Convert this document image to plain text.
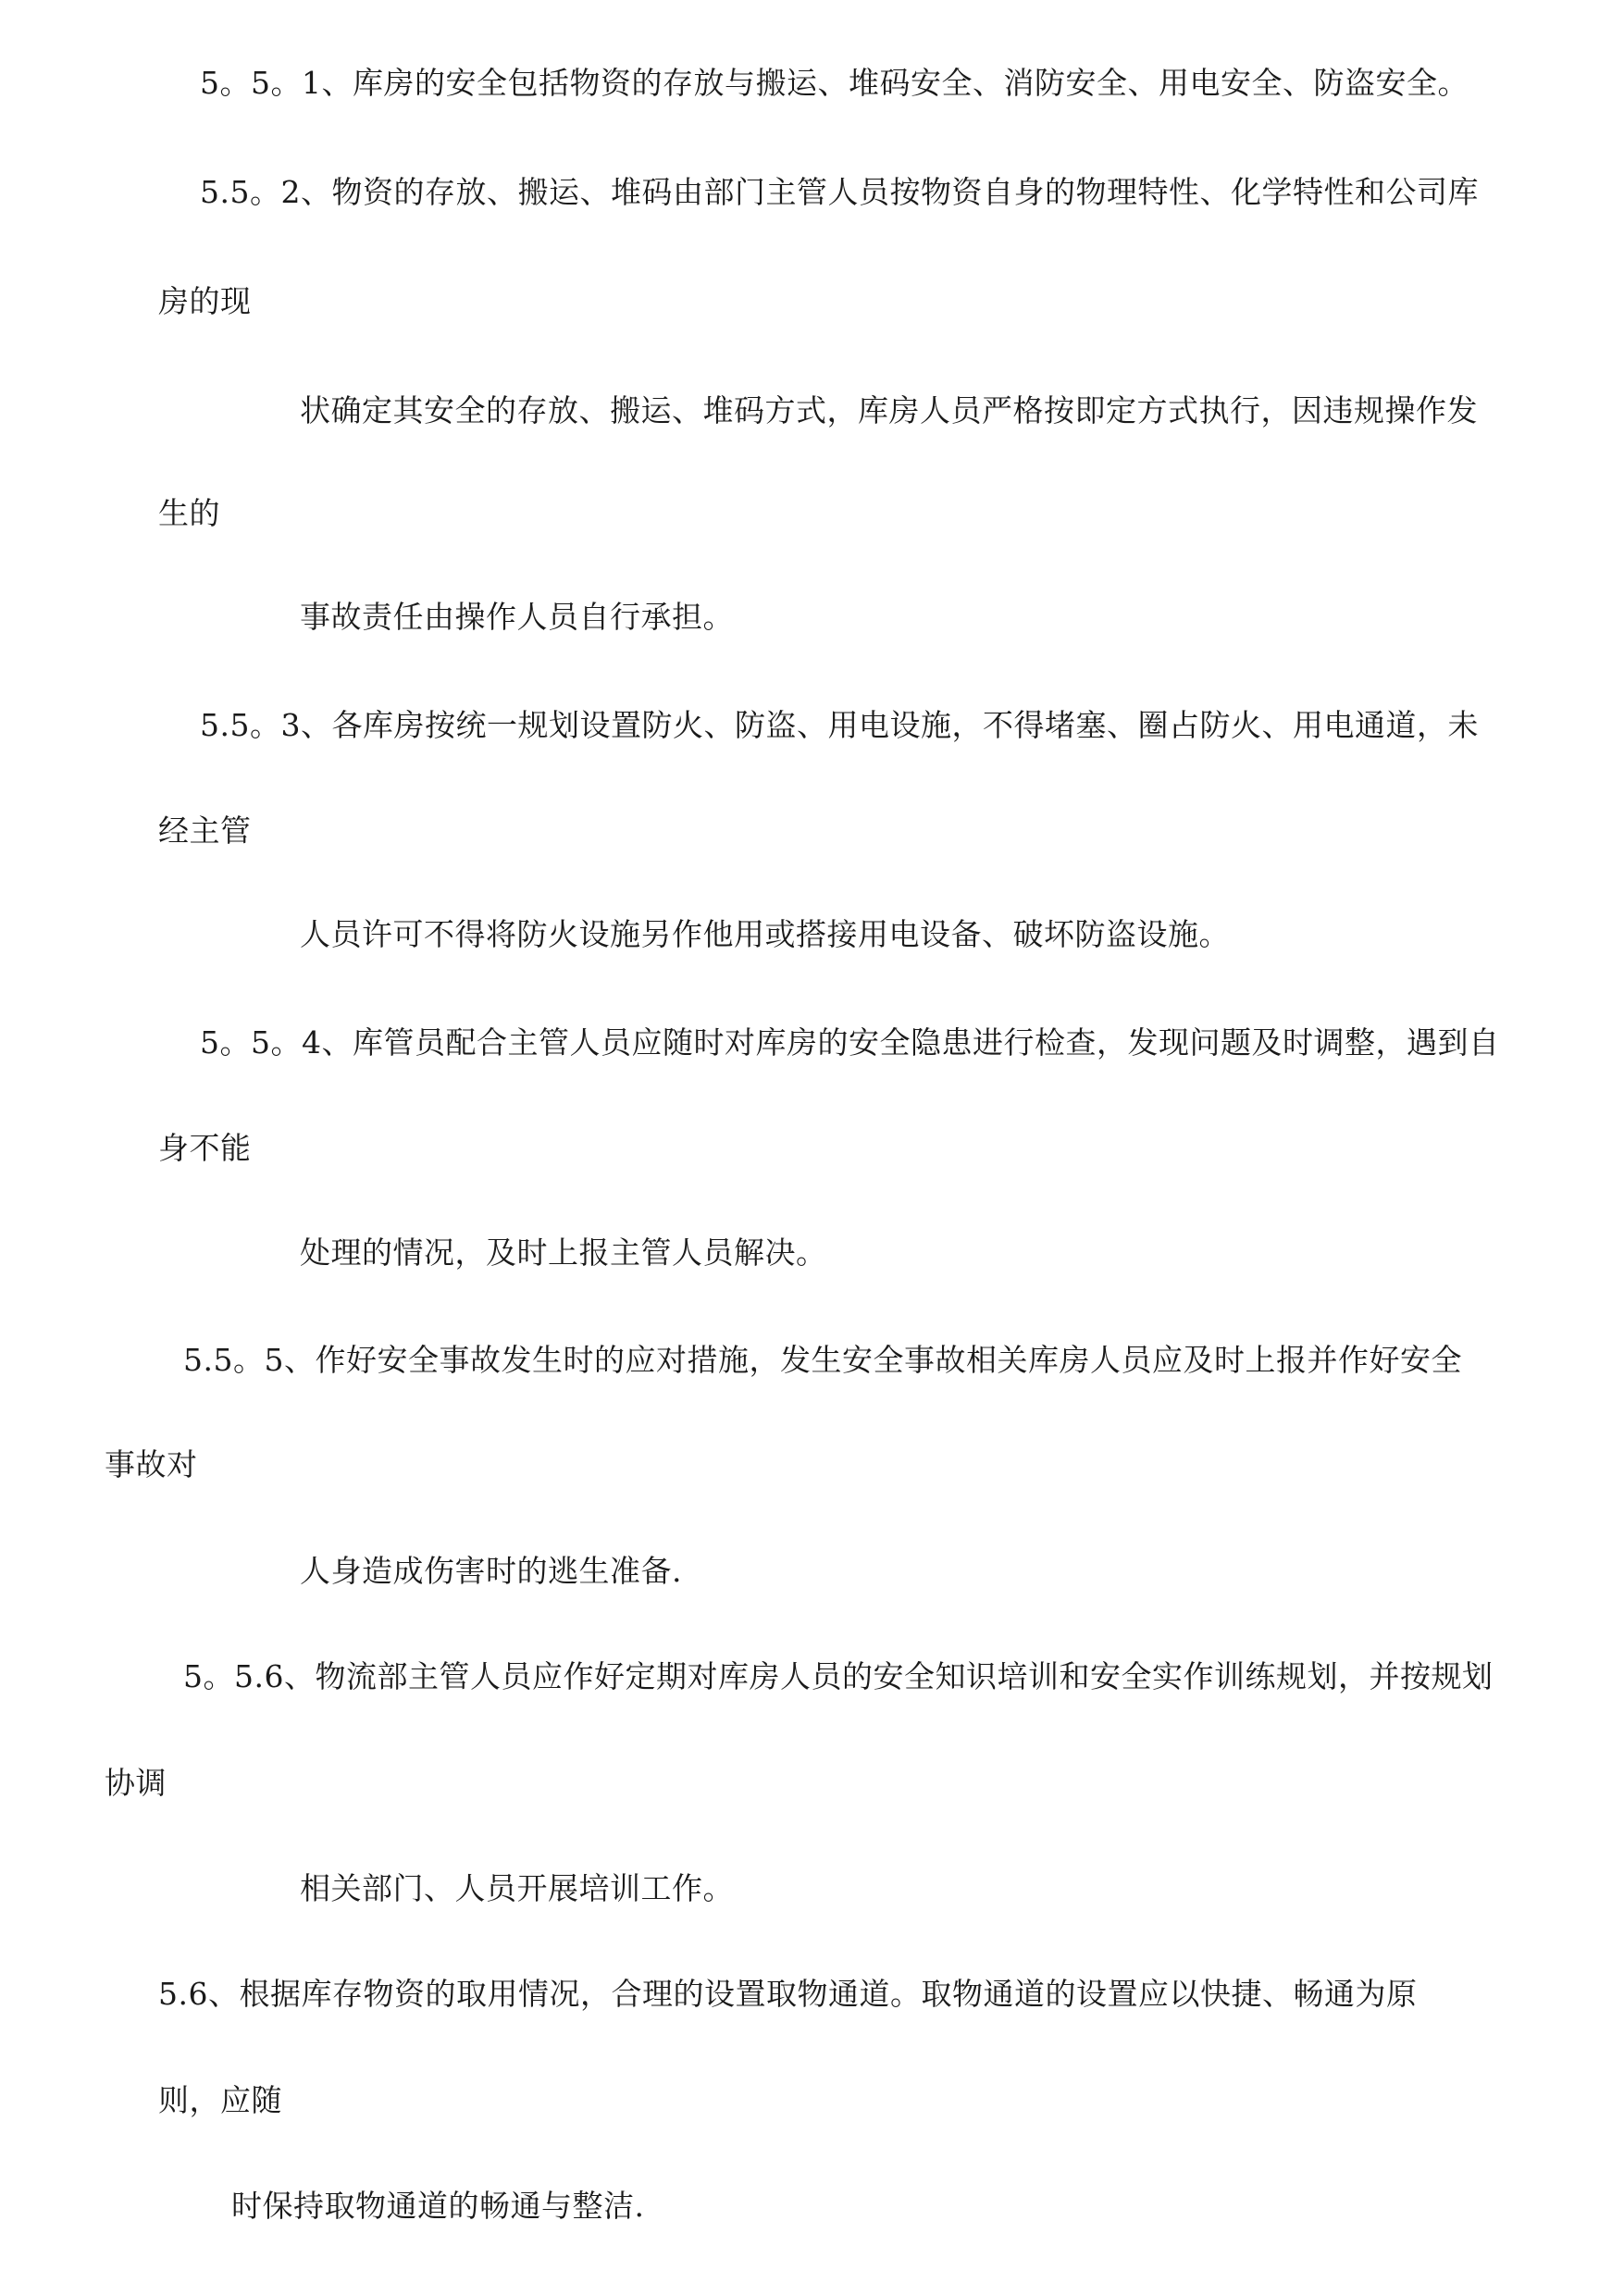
5。5。1、库房的安全包括物资的存放与搬运、堆码安全、消防安全、用电安全、防盗安全。
5.5。2、物资的存放、搬运、堆码由部门主管人员按物资自身的物理特性、化学特性和公司库
房的现
状确定其安全的存放、搬运、堆码方式，库房人员严格按即定方式执行，因违规操作发
生的
事故责任由操作人员自行承担。
5.5。3、各库房按统一规划设置防火、防盗、用电设施，不得堵塞、圈占防火、用电通道，未
经主管
人员许可不得将防火设施另作他用或搭接用电设备、破坏防盗设施。
5。5。4、库管员配合主管人员应随时对库房的安全隐患进行检查，发现问题及时调整，遇到自
身不能
处理的情况，及时上报主管人员解决。
5.5。5、作好安全事故发生时的应对措施，发生安全事故相关库房人员应及时上报并作好安全
事故对
人身造成伤害时的逃生准备.
5。5.6、物流部主管人员应作好定期对库房人员的安全知识培训和安全实作训练规划，并按规划
协调
相关部门、人员开展培训工作。
5.6、根据库存物资的取用情况，合理的设置取物通道。取物通道的设置应以快捷、畅通为原
则，应随
时保持取物通道的畅通与整洁.
